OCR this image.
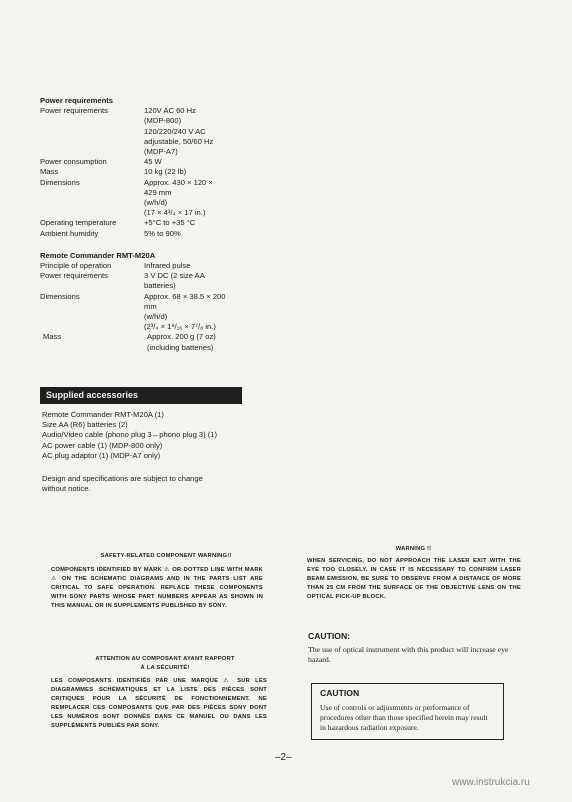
Power requirements
Power requirements	120V AC 60 Hz
(MDP-800)
120/220/240 V AC
adjustable, 50/60 Hz
(MDP-A7)
Power consumption	45 W
Mass	10 kg (22 lb)
Dimensions	Approx. 430 × 120 ×
429 mm
(w/h/d)
(17 × 4³/₄ × 17 in.)
Operating temperature	+5°C to +35 °C
Ambient humidity	5% to 90%
Remote Commander RMT-M20A
Principle of operation	Infrared pulse
Power requirements	3 V DC (2 size AA
batteries)
Dimensions	Approx. 68 × 38.5 × 200
mm
(w/h/d)
(2³/₄ × 1⁹/₁₆ × 7⁷/₈ in.)
Mass	Approx. 200 g (7 oz)
(including batteries)
Supplied accessories
Remote Commander RMT-M20A (1)
Size AA (R6) batteries (2)
Audio/Video cable (phono plug 3↔phono plug 3) (1)
AC power cable (1) (MDP-800 only)
AC plug adaptor (1) (MDP-A7 only)
Design and specifications are subject to change
without notice.
SAFETY-RELATED COMPONENT WARNING!!
COMPONENTS IDENTIFIED BY MARK ⚠ OR DOTTED LINE WITH MARK ⚠ ON THE SCHEMATIC DIAGRAMS AND IN THE PARTS LIST ARE CRITICAL TO SAFE OPERATION. REPLACE THESE COMPONENTS WITH SONY PARTS WHOSE PART NUMBERS APPEAR AS SHOWN IN THIS MANUAL OR IN SUPPLEMENTS PUBLISHED BY SONY.
ATTENTION AU COMPOSANT AYANT RAPPORT
À LA SÉCURITÉ!
LES COMPOSANTS IDENTIFIÉS PAR UNE MARQUE ⚠ SUR LES DIAGRAMMES SCHÉMATIQUES ET LA LISTE DES PIÈCES SONT CRITIQUES POUR LA SÉCURITÉ DE FONCTIONNEMENT. NE REMPLACER CES COMPOSANTS QUE PAR DES PIÈCES SONY DONT LES NUMÉROS SONT DONNÉS DANS CE MANUEL OU DANS LES SUPPLÉMENTS PUBLIÉS PAR SONY.
WARNING !!
WHEN SERVICING, DO NOT APPROACH THE LASER EXIT WITH THE EYE TOO CLOSELY. IN CASE IT IS NECESSARY TO CONFIRM LASER BEAM EMISSION, BE SURE TO OBSERVE FROM A DISTANCE OF MORE THAN 25 CM FROM THE SURFACE OF THE OBJECTIVE LENS ON THE OPTICAL PICK-UP BLOCK.
CAUTION:
The use of optical instrument with this product will increase eye hazard.
CAUTION
Use of controls or adjustments or performance of procedures other than those specified herein may result in hazardous radiation exposure.
–2–
www.instrukcia.ru
